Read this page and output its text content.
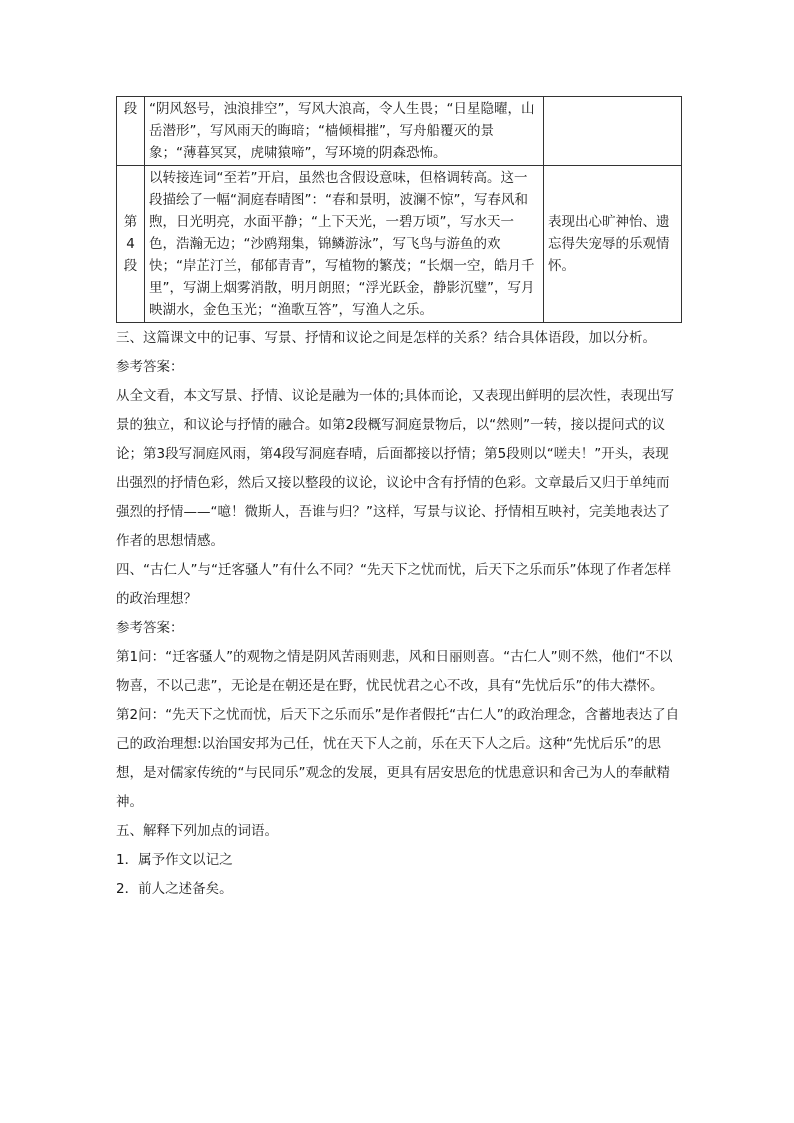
段	“阴风怒号，浊浪排空”，写风大浪高，令人生畏；“日星隐曜，山岳潜形”，写风雨天的晦暗；“樯倾楫摧”，写舟船覆灭的景象；“薄暮冥冥，虎啸猿啼”，写环境的阴森恐怖。	
第4段	以转接连词“至若”开启，虽然也含假设意味，但格调转高。这一段描绘了一幅“洞庭春晴图”：“春和景明，波澜不惊”，写春风和煦，日光明亮，水面平静；“上下天光，一碧万顷”，写水天一色，浩瀚无边；“沙鸥翔集，锦鳞游泳”，写飞鸟与游鱼的欢快；“岸芷汀兰，郁郁青青”，写植物的繁茂；“长烟一空，皓月千里”，写湖上烟雾消散，明月朗照；“浮光跃金，静影沉璧”，写月映湖水，金色玉光；“渔歌互答”，写渔人之乐。	表现出心旷神怡、遗忘得失宠辱的乐观情怀。

三、这篇课文中的记事、写景、抒情和议论之间是怎样的关系？结合具体语段，加以分析。

参考答案：

从全文看，本文写景、抒情、议论是融为一体的;具体而论，又表现出鲜明的层次性，表现出写景的独立，和议论与抒情的融合。如第2段概写洞庭景物后，以“然则”一转，接以提问式的议论；第3段写洞庭风雨，第4段写洞庭春晴，后面都接以抒情；第5段则以“嗟夫！”开头，表现出强烈的抒情色彩，然后又接以整段的议论，议论中含有抒情的色彩。文章最后又归于单纯而强烈的抒情——“噫！微斯人，吾谁与归？”这样，写景与议论、抒情相互映衬，完美地表达了作者的思想情感。

四、“古仁人”与“迁客骚人”有什么不同？“先天下之忧而忧，后天下之乐而乐”体现了作者怎样的政治理想？

参考答案：

第1问：“迁客骚人”的观物之情是阴风苦雨则悲，风和日丽则喜。“古仁人”则不然，他们“不以物喜，不以己悲”，无论是在朝还是在野，忧民忧君之心不改，具有“先忧后乐”的伟大襟怀。

第2问：“先天下之忧而忧，后天下之乐而乐”是作者假托“古仁人”的政治理念，含蓄地表达了自己的政治理想:以治国安邦为己任，忧在天下人之前，乐在天下人之后。这种“先忧后乐”的思想，是对儒家传统的“与民同乐”观念的发展，更具有居安思危的忧患意识和舍己为人的奉献精神。

五、解释下列加点的词语。

1．属予作文以记之

2．前人之述备矣。
